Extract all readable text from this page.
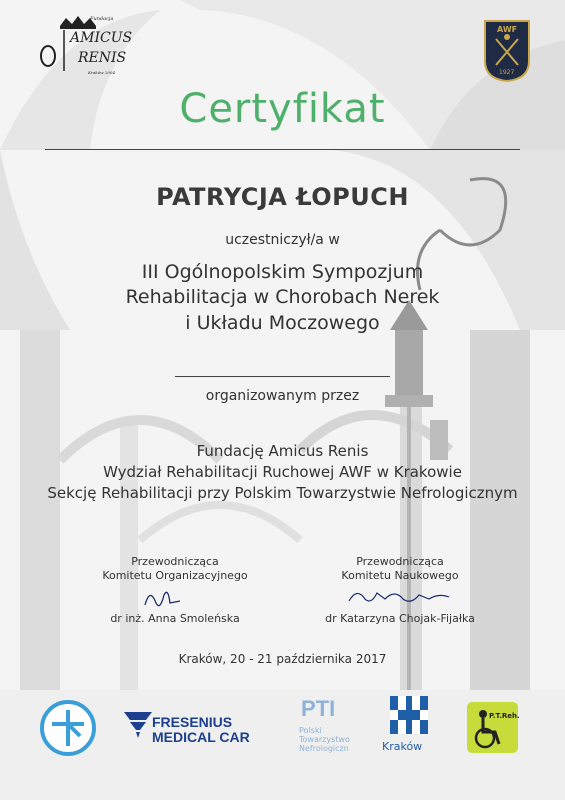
Fundacja
AMICUS
RENIS
Kraków 2004
AWF
1927
Certyfikat
PATRYCJA ŁOPUCH
uczestniczył/a w
III Ogólnopolskim Sympozjum
Rehabilitacja w Chorobach Nerek
i Układu Moczowego
organizowanym przez
Fundację Amicus Renis
Wydział Rehabilitacji Ruchowej AWF w Krakowie
Sekcję Rehabilitacji przy Polskim Towarzystwie Nefrologicznym
Przewodnicząca
Komitetu Organizacyjnego
dr inż. Anna Smoleńska
Przewodnicząca
Komitetu Naukowego
dr Katarzyna Chojak-Fijałka
Kraków, 20 - 21 października 2017
FRESENIUS
MEDICAL CAR
PTI
Polski
Towarzystwo
Nefrologiczn	Kraków
P.T.Reh.
